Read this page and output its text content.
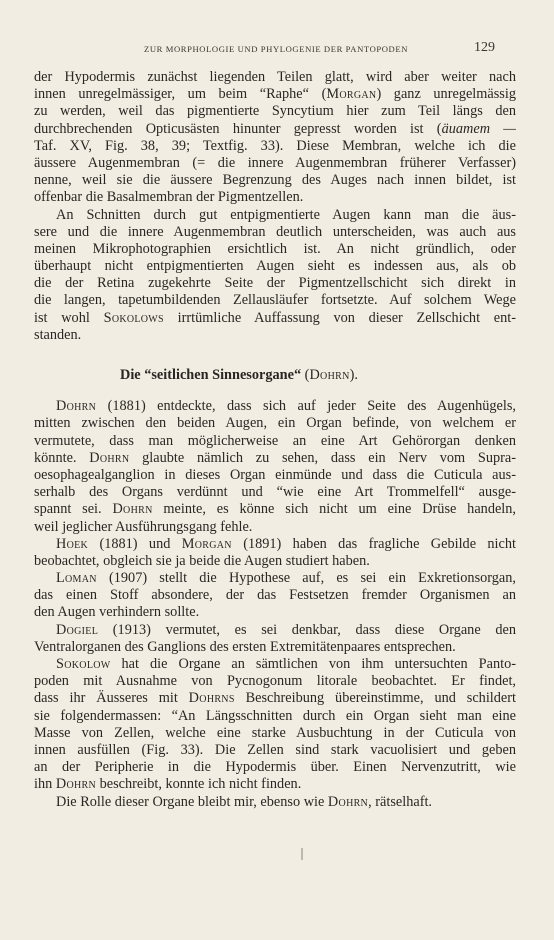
ZUR MORPHOLOGIE UND PHYLOGENIE DER PANTOPODEN	129
der Hypodermis zunächst liegenden Teilen glatt, wird aber weiter nach
innen unregelmässiger, um beim “Raphe“ (Morgan) ganz unregelmässig
zu werden, weil das pigmentierte Syncytium hier zum Teil längs den
durchbrechenden Opticusästen hinunter gepresst worden ist (äuamem —
Taf. XV, Fig. 38, 39; Textfig. 33). Diese Membran, welche ich die
äussere Augenmembran (= die innere Augenmembran früherer Verfasser)
nenne, weil sie die äussere Begrenzung des Auges nach innen bildet, ist
offenbar die Basalmembran der Pigmentzellen.
An Schnitten durch gut entpigmentierte Augen kann man die äus-
sere und die innere Augenmembran deutlich unterscheiden, was auch aus
meinen Mikrophotographien ersichtlich ist. An nicht gründlich, oder
überhaupt nicht entpigmentierten Augen sieht es indessen aus, als ob
die der Retina zugekehrte Seite der Pigmentzellschicht sich direkt in
die langen, tapetumbildenden Zellausläufer fortsetzte. Auf solchem Wege
ist wohl Sokolows irrtümliche Auffassung von dieser Zellschicht ent-
standen.
Die “seitlichen Sinnesorgane“ (Dohrn).
Dohrn (1881) entdeckte, dass sich auf jeder Seite des Augenhügels,
mitten zwischen den beiden Augen, ein Organ befinde, von welchem er
vermutete, dass man möglicherweise an eine Art Gehörorgan denken
könnte. Dohrn glaubte nämlich zu sehen, dass ein Nerv vom Supra-
oesophagealganglion in dieses Organ einmünde und dass die Cuticula aus-
serhalb des Organs verdünnt und “wie eine Art Trommelfell“ ausge-
spannt sei. Dohrn meinte, es könne sich nicht um eine Drüse handeln,
weil jeglicher Ausführungsgang fehle.
Hoek (1881) und Morgan (1891) haben das fragliche Gebilde nicht
beobachtet, obgleich sie ja beide die Augen studiert haben.
Loman (1907) stellt die Hypothese auf, es sei ein Exkretionsorgan,
das einen Stoff absondere, der das Festsetzen fremder Organismen an
den Augen verhindern sollte.
Dogiel (1913) vermutet, es sei denkbar, dass diese Organe den
Ventralorganen des Ganglions des ersten Extremitätenpaares entsprechen.
Sokolow hat die Organe an sämtlichen von ihm untersuchten Panto-
poden mit Ausnahme von Pycnogonum litorale beobachtet. Er findet,
dass ihr Äusseres mit Dohrns Beschreibung übereinstimme, und schildert
sie folgendermassen: “An Längsschnitten durch ein Organ sieht man eine
Masse von Zellen, welche eine starke Ausbuchtung in der Cuticula von
innen ausfüllen (Fig. 33). Die Zellen sind stark vacuolisiert und geben
an der Peripherie in die Hypodermis über. Einen Nervenzutritt, wie
ihn Dohrn beschreibt, konnte ich nicht finden.
Die Rolle dieser Organe bleibt mir, ebenso wie Dohrn, rätselhaft.
